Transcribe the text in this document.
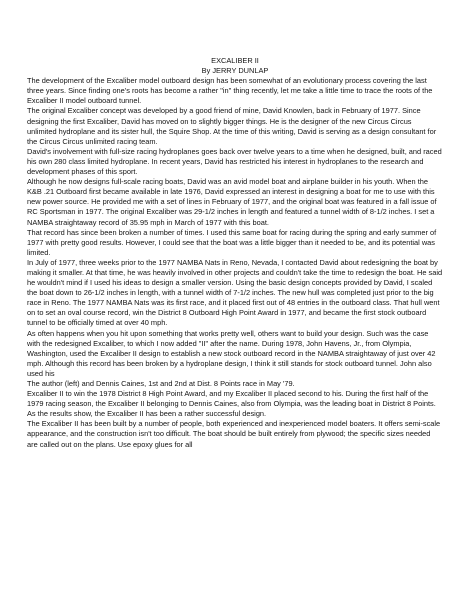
EXCALIBER II
By JERRY DUNLAP

The development of the Excaliber model outboard design has been somewhat of an evolutionary process covering the last three years. Since finding one's roots has become a rather "in" thing recently, let me take a little time to trace the roots of the Excaliber II model outboard tunnel.

The original Excaliber concept was developed by a good friend of mine, David Knowlen, back in February of 1977. Since designing the first Excaliber, David has moved on to slightly bigger things. He is the designer of the new Circus Circus unlimited hydroplane and its sister hull, the Squire Shop. At the time of this writing, David is serving as a design consultant for the Circus Circus unlimited racing team.

David's involvement with full-size racing hydroplanes goes back over twelve years to a time when he designed, built, and raced his own 280 class limited hydroplane. In recent years, David has restricted his interest in hydroplanes to the research and development phases of this sport.

Although he now designs full-scale racing boats, David was an avid model boat and airplane builder in his youth. When the K&B .21 Outboard first became available in late 1976, David expressed an interest in designing a boat for me to use with this new power source. He provided me with a set of lines in February of 1977, and the original boat was featured in a fall issue of RC Sportsman in 1977. The original Excaliber was 29-1/2 inches in length and featured a tunnel width of 8-1/2 inches. I set a NAMBA straightaway record of 35.95 mph in March of 1977 with this boat.

That record has since been broken a number of times. I used this same boat for racing during the spring and early summer of 1977 with pretty good results. However, I could see that the boat was a little bigger than it needed to be, and its potential was limited.

In July of 1977, three weeks prior to the 1977 NAMBA Nats in Reno, Nevada, I contacted David about redesigning the boat by making it smaller. At that time, he was heavily involved in other projects and couldn't take the time to redesign the boat. He said he wouldn't mind if I used his ideas to design a smaller version. Using the basic design concepts provided by David, I scaled the boat down to 26-1/2 inches in length, with a tunnel width of 7-1/2 inches. The new hull was completed just prior to the big race in Reno. The 1977 NAMBA Nats was its first race, and it placed first out of 48 entries in the outboard class. That hull went on to set an oval course record, win the District 8 Outboard High Point Award in 1977, and became the first stock outboard tunnel to be officially timed at over 40 mph.

As often happens when you hit upon something that works pretty well, others want to build your design. Such was the case with the redesigned Excaliber, to which I now added "II" after the name. During 1978, John Havens, Jr., from Olympia, Washington, used the Excaliber II design to establish a new stock outboard record in the NAMBA straightaway of just over 42 mph. Although this record has been broken by a hydroplane design, I think it still stands for stock outboard tunnel. John also used his

The author (left) and Dennis Caines, 1st and 2nd at Dist. 8 Points race in May '79.

Excaliber II to win the 1978 District 8 High Point Award, and my Excaliber II placed second to his. During the first half of the 1979 racing season, the Excaliber II belonging to Dennis Caines, also from Olympia, was the leading boat in District 8 Points. As the results show, the Excaliber II has been a rather successful design.

The Excaliber II has been built by a number of people, both experienced and inexperienced model boaters. It offers semi-scale appearance, and the construction isn't too difficult. The boat should be built entirely from plywood; the specific sizes needed are called out on the plans. Use epoxy glues for all
